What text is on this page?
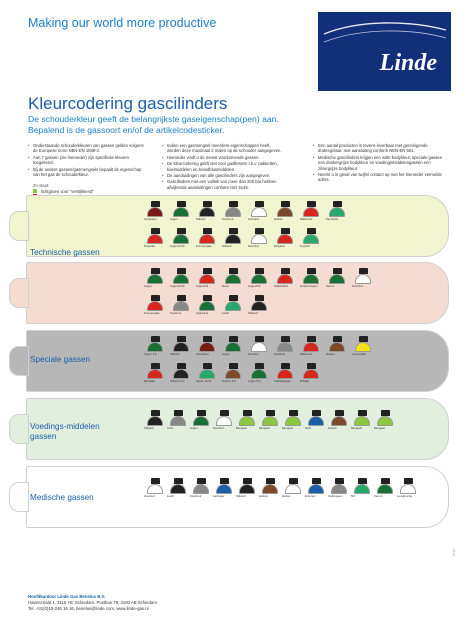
Making our world more productive
Linde
Kleurcodering gascilinders
De schouderkleur geeft de belangrijkste gaseigenschap(pen) aan. Bepalend is de gassoort en/of de artikelcodesticker.
• Onderstaande schouderkleuren van gassen gelden volgens de Europese norm NEN-EN 1089-3.
• Aan 7 gassen (zie hieronder) zijn specifieke kleuren toegekend.
• Bij de andere gassen/gasmengsels bepaalt de eigenschap van het gas de schouderkleur.
Zo staat:
lichtgroen voor "verstikkend"
• Indien een gasmengsel meerdere eigenschappen heeft, worden deze maximaal 2 malen op de schouder aangegeven.
• Hieronder vindt u de meest voorkomende gassen.
• De kleurcodering geldt niet voor gasflessen t.b.v. pakketten, koelmiddelen en brandblusmiddelen.
• De aanduidingen van alle gascilinders zijn aangegeven.
• Gascilinders met een vullink van meer dan 200 bar hebben afwijkende aansluitingen conform ISO 5145.
• Een aantal producten is tevens leverbaar met gereinigende drukregelaar, met aansluiting conform NEN-EN 561.
• Medische gascilinders krijgen een witte bodykleur, speciale gassen een donkergrijze bodykleur en voedingsmiddelengassen een zilvergrijze bodykleur.
• Neemt u in geval van twijfel contact op met het hieronder vermelde adres.
Hoofdkantoor Linde Gas Benelux B.V.
Havenstraat 1, 3115 HC Schiedam, Postbus 78, 3100 AB Schiedam
Tel. +31(0)10-246 16 16, benelux@linde.com, www.linde-gas.nl
0710
Technische gassen
Acetyleen	Argon	Stikstof	Koolzuur	Zuurstof	Helium	Waterstof	Perslucht
Propaan	Argon/CO2	Formeergas	Stikstof	Zuurstof	Ethyleen	Krypton
Argon	Argon/CO2	Argon/H2	Neon	Argon/O2	Stikstof/H2	Helium/Argon	Xenon	Zuurstof
Formeergas	Koolzuur	Argon/He	Lucht	Stikstof
Speciale gassen
Argon 4.6	Stikstof	Acetyleen	Argon	Zuurstof	Koolzuur	Waterstof	Helium	Ammoniak
Methaan	Stikstof 5.0	Synth. lucht	Helium 5.0	Argon 5.0	Kalibratiegas	Ethaan
Voedings-middelen gassen
Stikstof	CO2	Argon	Zuurstof	Mengsel	Mengsel	Mengsel	N2O	Helium	Mengsel	Mengsel
Medische gassen	Zuurstof	Lucht	Koolzuur	Lachgas	Stikstof	Helium	Heliox	Entonox	Carbogeen	NO	Xenon	Longfunctie
